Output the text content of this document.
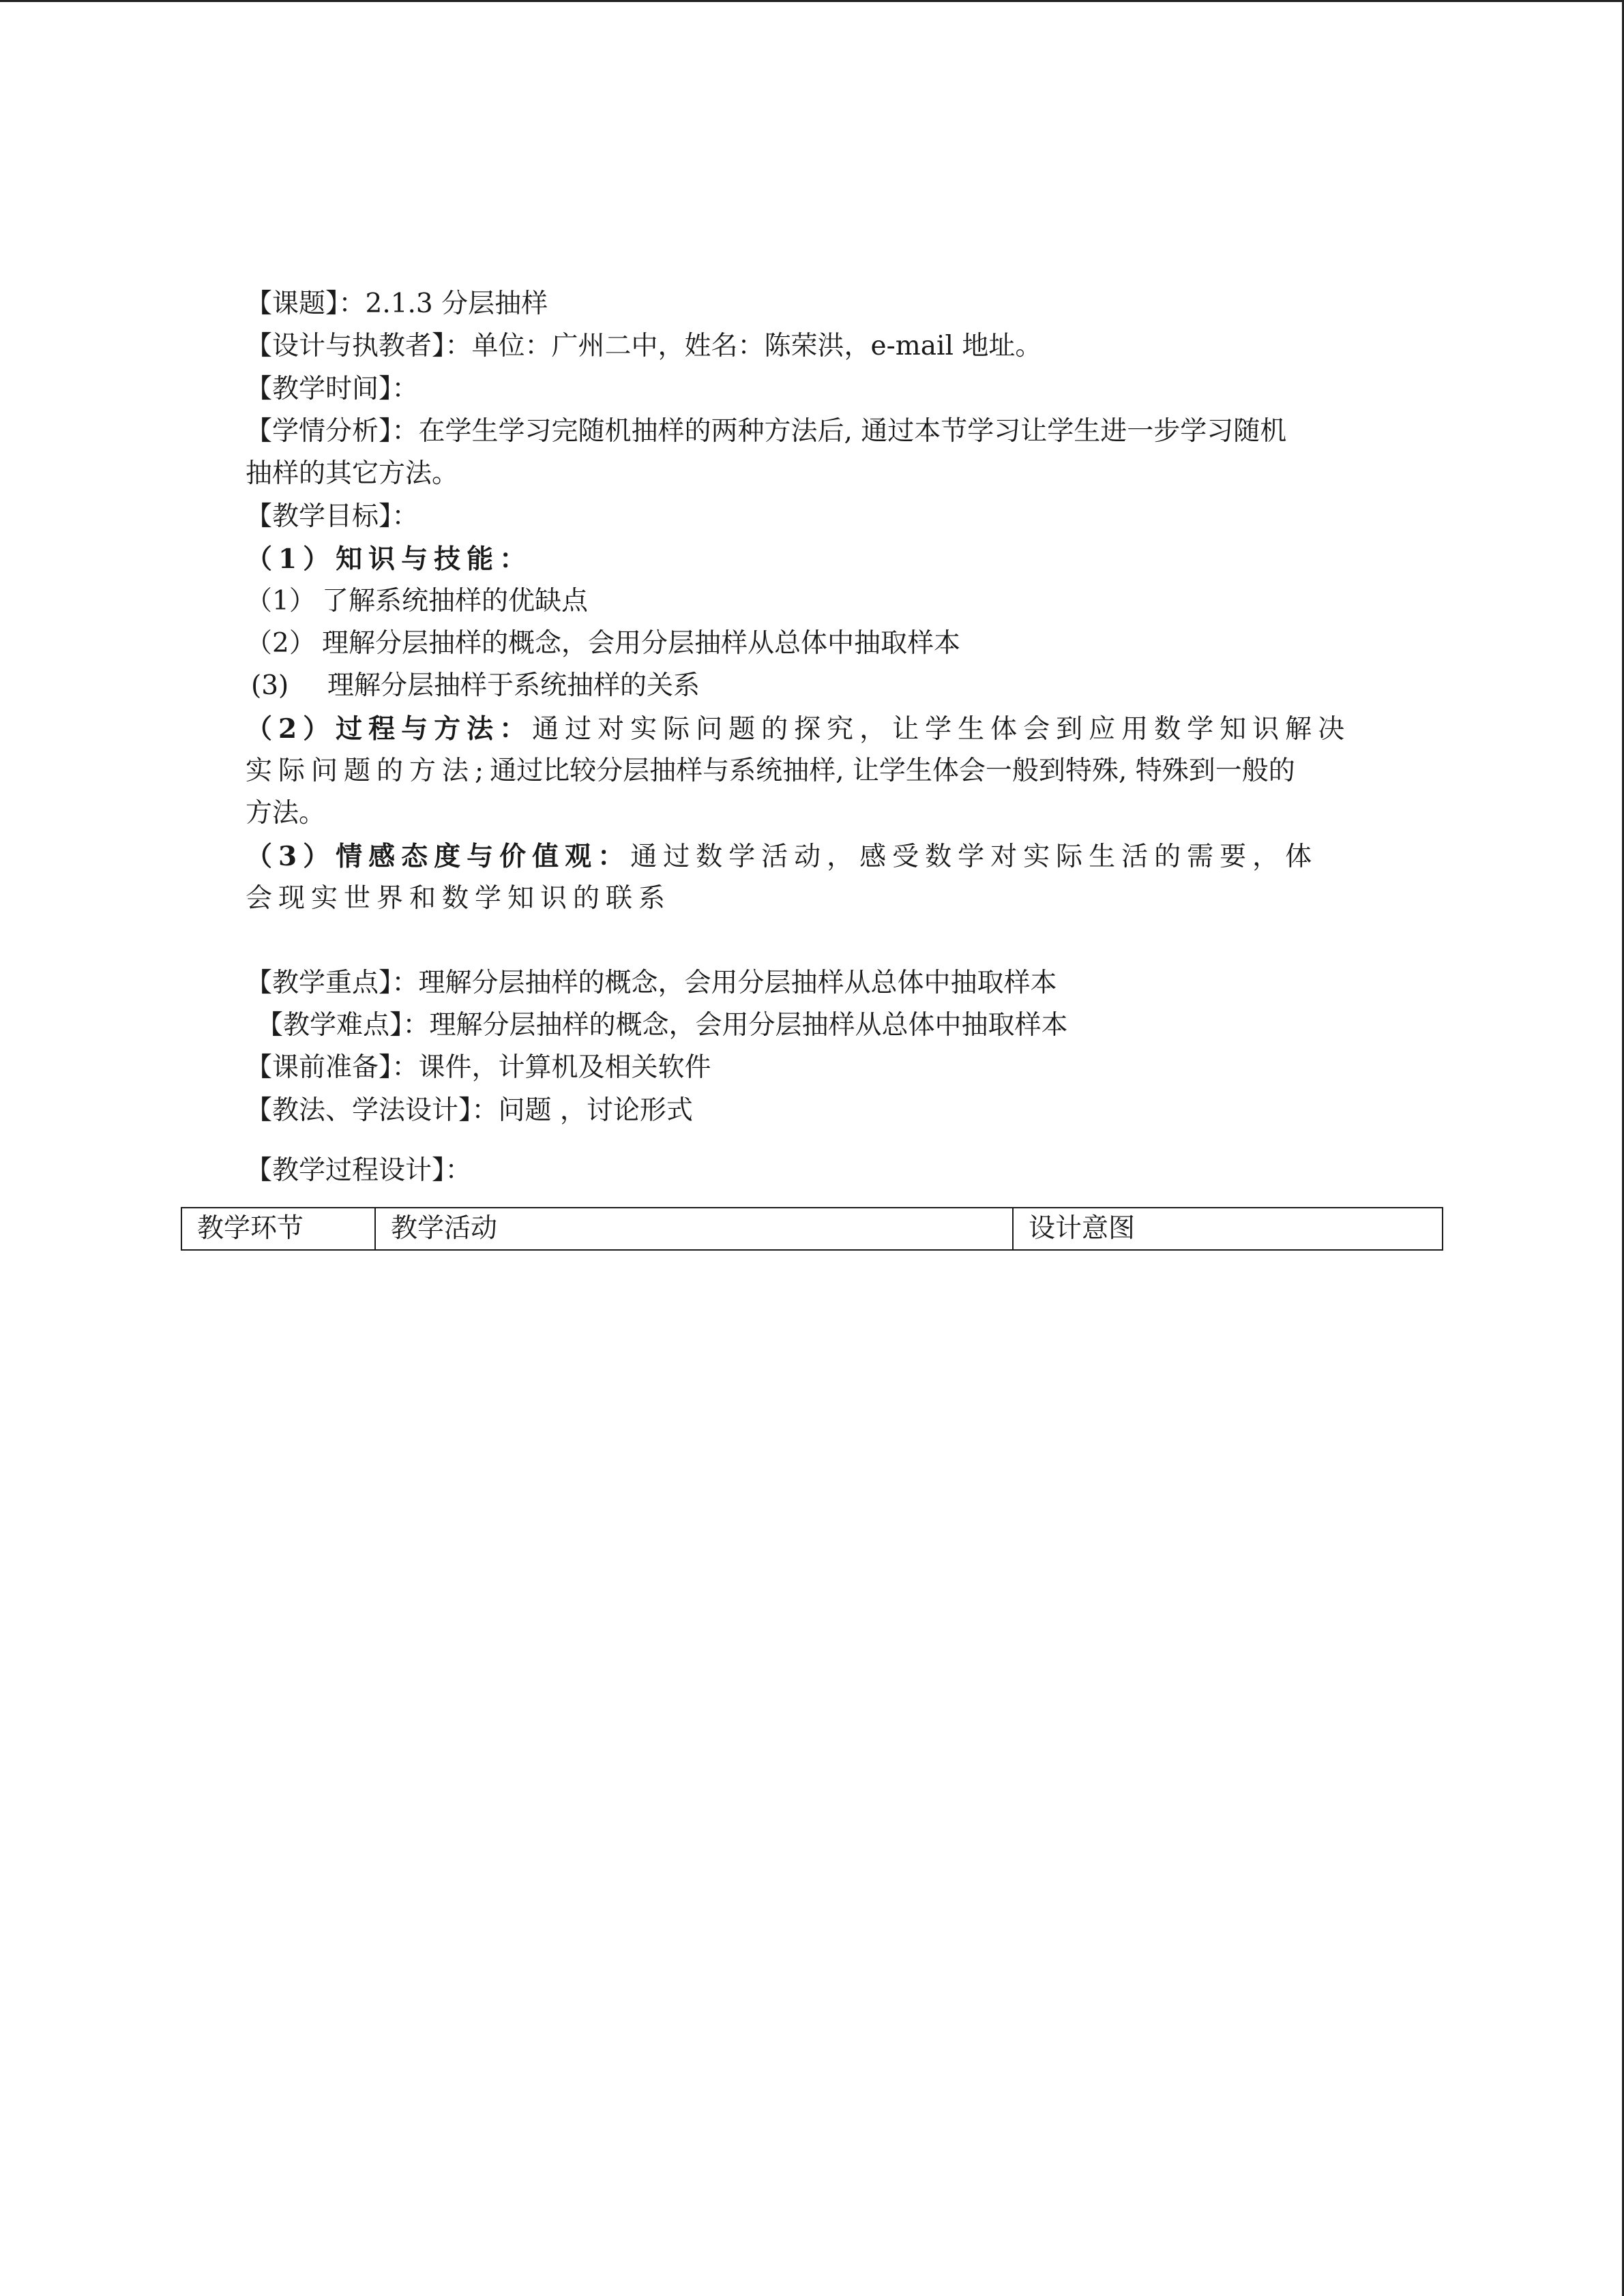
【课题】：2.1.3 分层抽样
【设计与执教者】：单位：广州二中，姓名：陈荣洪，e-mail 地址。
【教学时间】：
【学情分析】：在学生学习完随机抽样的两种方法后, 通过本节学习让学生进一步学习随机
抽样的其它方法。
【教学目标】：
（1）知识与技能：
（1） 了解系统抽样的优缺点
（2） 理解分层抽样的概念，会用分层抽样从总体中抽取样本
(3) 理解分层抽样于系统抽样的关系
（2）过程与方法：通过对实际问题的探究，让学生体会到应用数学知识解决
实际问题的方法;通过比较分层抽样与系统抽样, 让学生体会一般到特殊, 特殊到一般的
方法。
（3）情感态度与价值观：通过数学活动，感受数学对实际生活的需要，体
会现实世界和数学知识的联系
【教学重点】：理解分层抽样的概念，会用分层抽样从总体中抽取样本
【教学难点】：理解分层抽样的概念，会用分层抽样从总体中抽取样本
【课前准备】：课件，计算机及相关软件
【教法、学法设计】：问题 ，讨论形式
【教学过程设计】：
教学环节	教学活动	设计意图
